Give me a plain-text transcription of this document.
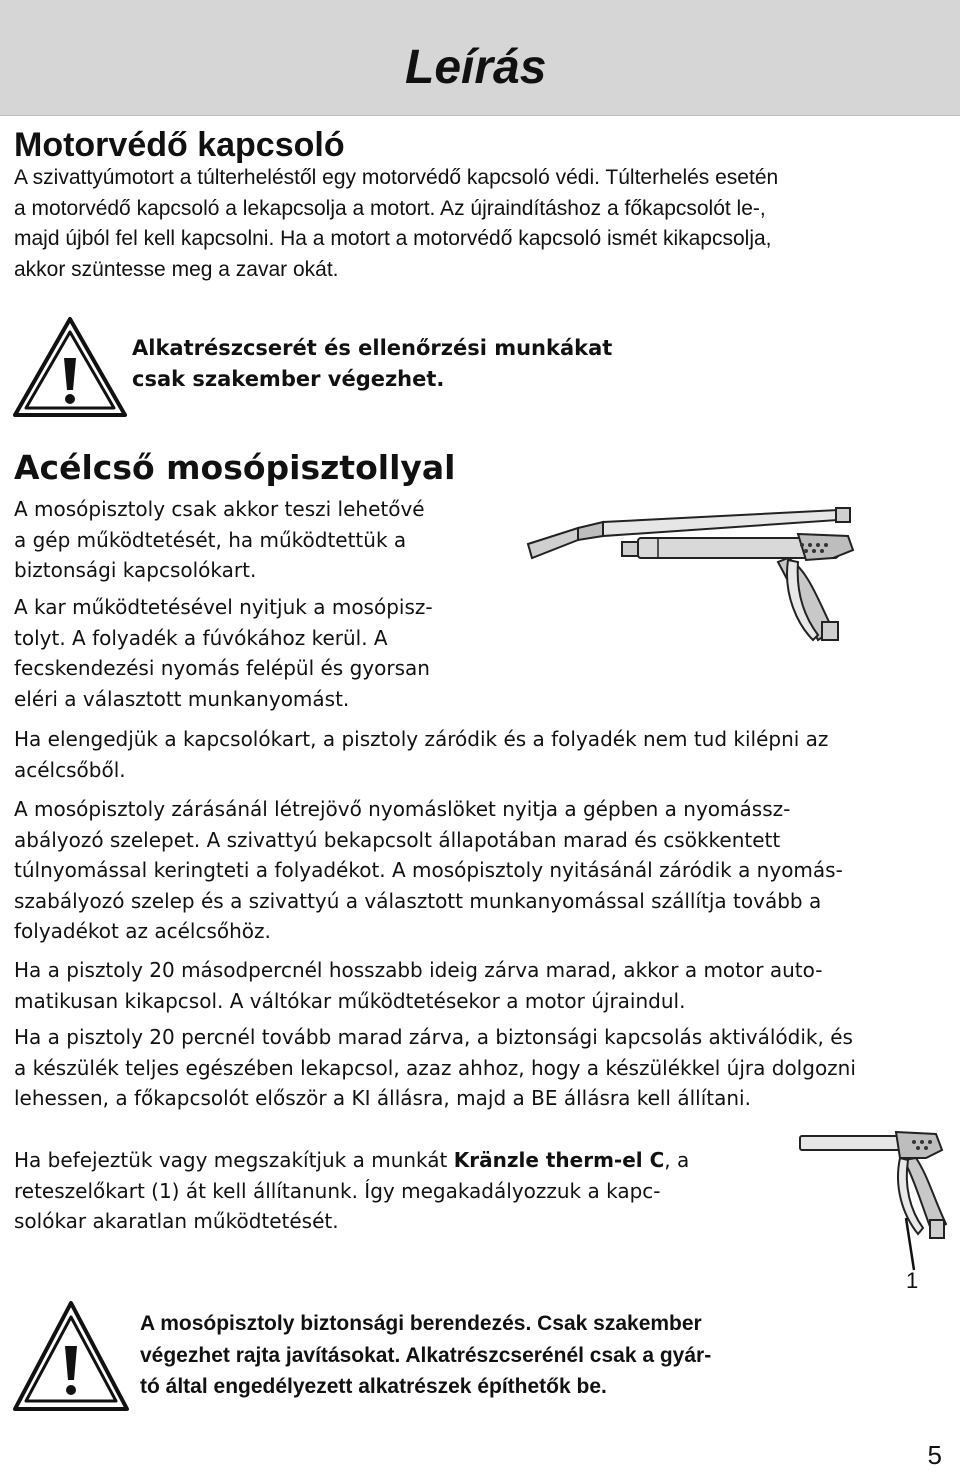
Leírás
Motorvédő kapcsoló
A szivattyúmotort a túlterheléstől egy motorvédő kapcsoló védi. Túlterhelés esetén
a motorvédő kapcsoló a lekapcsolja a motort. Az újraindításhoz a főkapcsolót le-,
majd újból fel kell kapcsolni. Ha a motort a motorvédő kapcsoló ismét kikapcsolja,
akkor szüntesse meg a zavar okát.
Alkatrészcserét és ellenőrzési munkákat
csak szakember végezhet.
Acélcső mosópisztollyal
A mosópisztoly csak akkor teszi lehetővé
a gép működtetését, ha működtettük a
biztonsági kapcsolókart.
A kar működtetésével nyitjuk a mosópisz-
tolyt. A folyadék a fúvókához kerül. A
fecskendezési nyomás felépül és gyorsan
eléri a választott munkanyomást.
Ha elengedjük a kapcsolókart, a pisztoly záródik és a folyadék nem tud kilépni az
acélcsőből.
A mosópisztoly zárásánál létrejövő nyomáslöket nyitja a gépben a nyomássz-
abályozó szelepet. A szivattyú bekapcsolt állapotában marad és csökkentett
túlnyomással keringteti a folyadékot. A mosópisztoly nyitásánál záródik a nyomás-
szabályozó szelep és a szivattyú a választott munkanyomással szállítja tovább a
folyadékot az acélcsőhöz.
Ha a pisztoly 20 másodpercnél hosszabb ideig zárva marad, akkor a motor auto-
matikusan kikapcsol. A váltókar működtetésekor a motor újraindul.
Ha a pisztoly 20 percnél tovább marad zárva, a biztonsági kapcsolás aktiválódik, és
a készülék teljes egészében lekapcsol, azaz ahhoz, hogy a készülékkel újra dolgozni
lehessen, a főkapcsolót először a KI állásra, majd a BE állásra kell állítani.
Ha befejeztük vagy megszakítjuk a munkát Kränzle therm-el C, a
reteszelőkart (1) át kell állítanunk. Így megakadályozzuk a kapc-
solókar akaratlan működtetését.
1
A mosópisztoly biztonsági berendezés. Csak szakember
végezhet rajta javításokat. Alkatrészcserénél csak a gyár-
tó által engedélyezett alkatrészek építhetők be.
5
